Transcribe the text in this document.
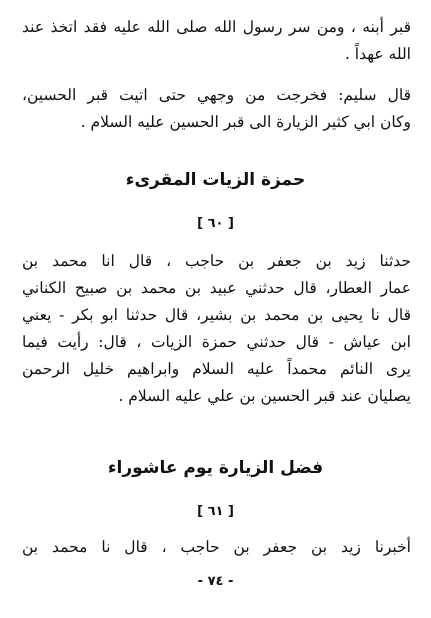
قبر أبنه ، ومن سر رسول الله صلى الله عليه فقد اتخذ عند
الله عهداً .
قال سليم: فخرجت من وجهي حتى اتيت قبر الحسين،
وكان ابي كثير الزيارة الى قبر الحسين عليه السلام .
حمزة الزيات المقرىء
[ ٦٠ ]
حدثنا زيد بن جعفر بن حاجب ، قال انا محمد بن
عمار العطار، قال حدثني عبيد بن محمد بن صبيح الكناني
قال نا يحيى بن محمد بن بشير، قال حدثنا ابو بكر - يعني
ابن عياش - قال حدثني حمزة الزيات ، قال: رأيت فيما
يرى النائم محمداً عليه السلام وابراهيم خليل الرحمن
يصليان عند قبر الحسين بن علي عليه السلام .
فضل الزيارة يوم عاشوراء
[ ٦١ ]
أخبرنا زيد بن جعفر بن حاجب ، قال نا محمد بن
- ٧٤ -
